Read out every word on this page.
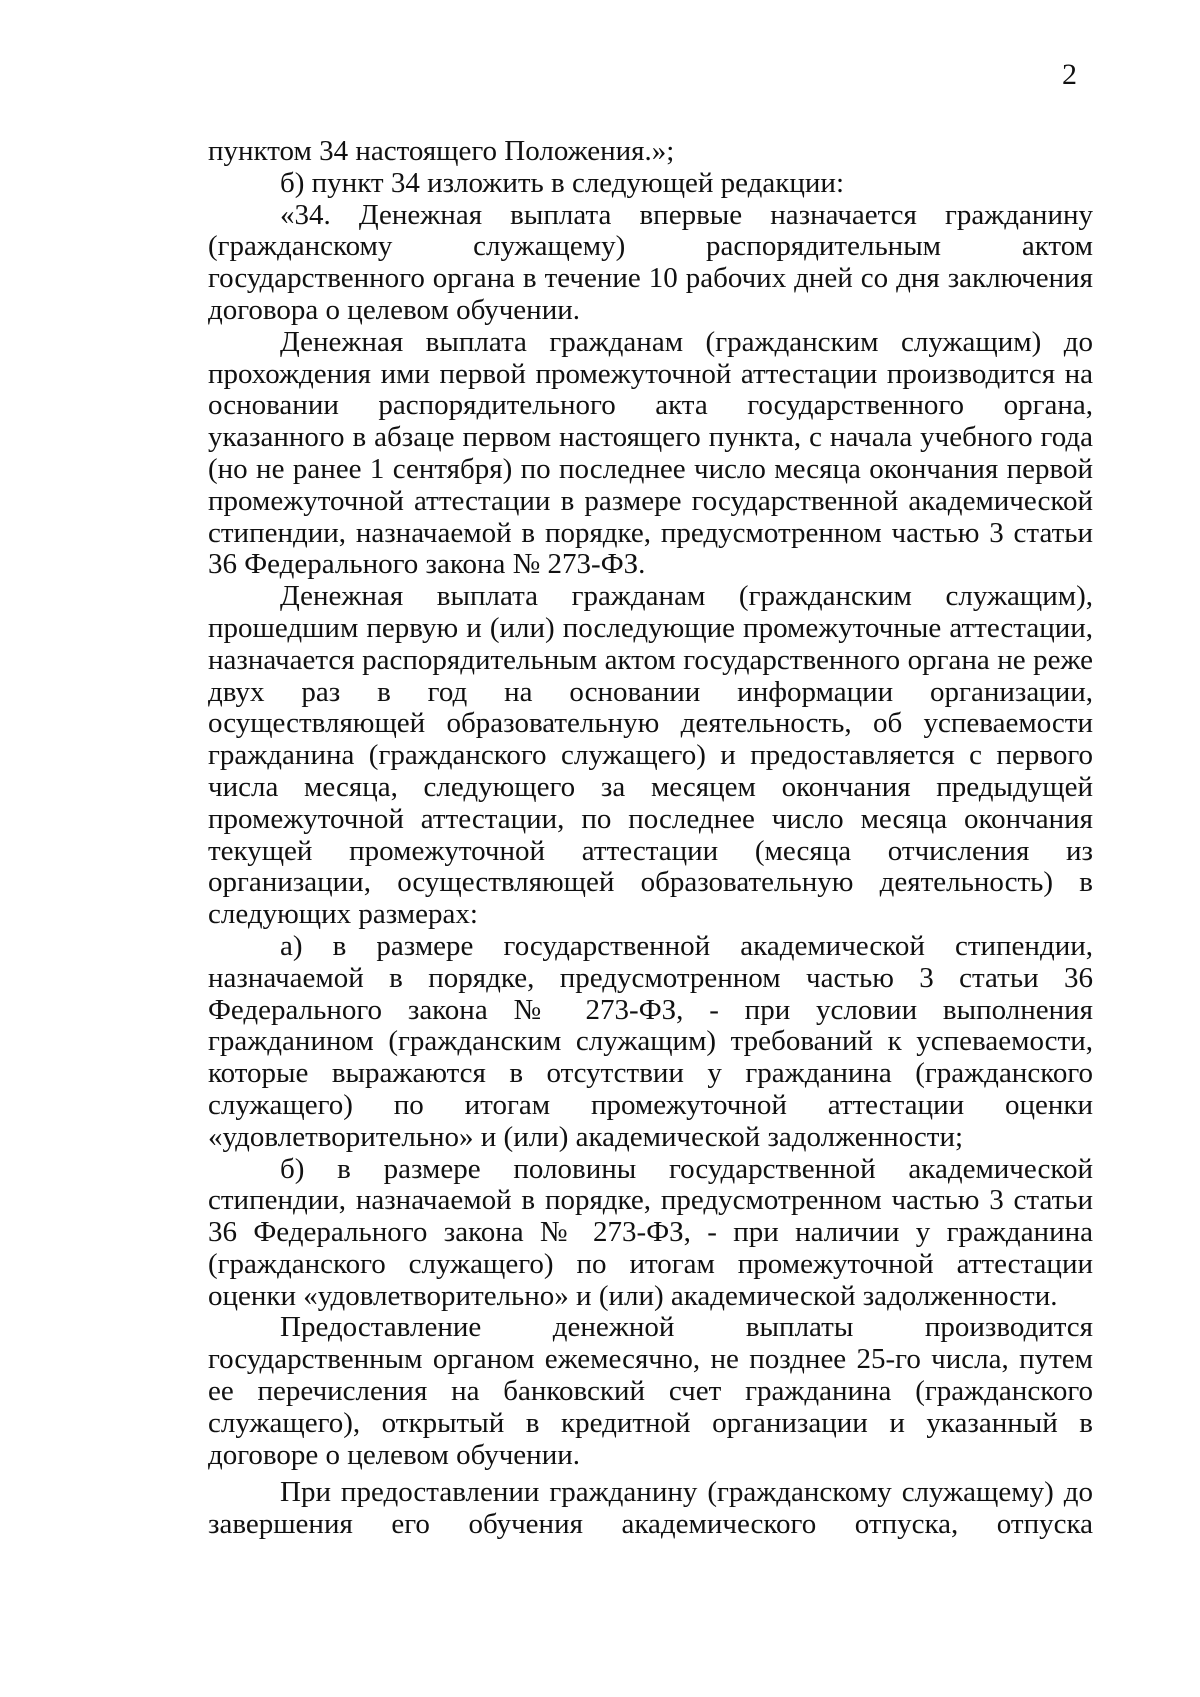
2

пунктом 34 настоящего Положения.»;

б) пункт 34 изложить в следующей редакции:

«34. Денежная выплата впервые назначается гражданину (гражданскому служащему) распорядительным актом государственного органа в течение 10 рабочих дней со дня заключения договора о целевом обучении.

Денежная выплата гражданам (гражданским служащим) до прохождения ими первой промежуточной аттестации производится на основании распорядительного акта государственного органа, указанного в абзаце первом настоящего пункта, с начала учебного года (но не ранее 1 сентября) по последнее число месяца окончания первой промежуточной аттестации в размере государственной академической стипендии, назначаемой в порядке, предусмотренном частью 3 статьи 36 Федерального закона № 273-ФЗ.

Денежная выплата гражданам (гражданским служащим), прошедшим первую и (или) последующие промежуточные аттестации, назначается распорядительным актом государственного органа не реже двух раз в год на основании информации организации, осуществляющей образовательную деятельность, об успеваемости гражданина (гражданского служащего) и предоставляется с первого числа месяца, следующего за месяцем окончания предыдущей промежуточной аттестации, по последнее число месяца окончания текущей промежуточной аттестации (месяца отчисления из организации, осуществляющей образовательную деятельность) в следующих размерах:

а) в размере государственной академической стипендии, назначаемой в порядке, предусмотренном частью 3 статьи 36 Федерального закона № 273-ФЗ, - при условии выполнения гражданином (гражданским служащим) требований к успеваемости, которые выражаются в отсутствии у гражданина (гражданского служащего) по итогам промежуточной аттестации оценки «удовлетворительно» и (или) академической задолженности;

б) в размере половины государственной академической стипендии, назначаемой в порядке, предусмотренном частью 3 статьи 36 Федерального закона № 273-ФЗ, - при наличии у гражданина (гражданского служащего) по итогам промежуточной аттестации оценки «удовлетворительно» и (или) академической задолженности.

Предоставление денежной выплаты производится государственным органом ежемесячно, не позднее 25-го числа, путем ее перечисления на банковский счет гражданина (гражданского служащего), открытый в кредитной организации и указанный в договоре о целевом обучении.

При предоставлении гражданину (гражданскому служащему) до завершения его обучения академического отпуска, отпуска
